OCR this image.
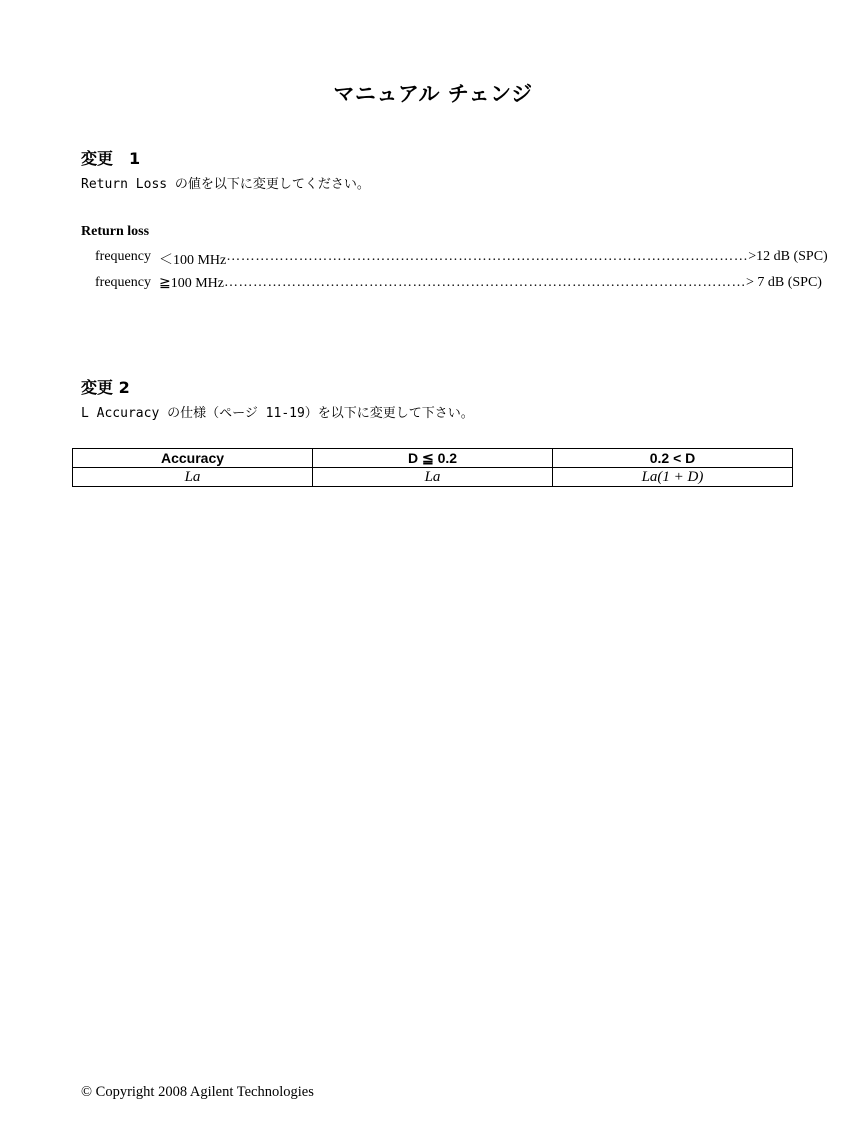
マニュアル チェンジ
変更　1
Return Loss の値を以下に変更してください。
Return loss
frequency ＜100 MHz ……………………………………………………………………………………………… >12 dB (SPC)
frequency ≧100 MHz ……………………………………………………………………………………………… > 7 dB (SPC)
変更 2
L Accuracy の仕様（ページ 11-19）を以下に変更して下さい。
Accuracy	D ≦ 0.2	0.2 < D
La	La	La(1 + D)
© Copyright 2008 Agilent Technologies
